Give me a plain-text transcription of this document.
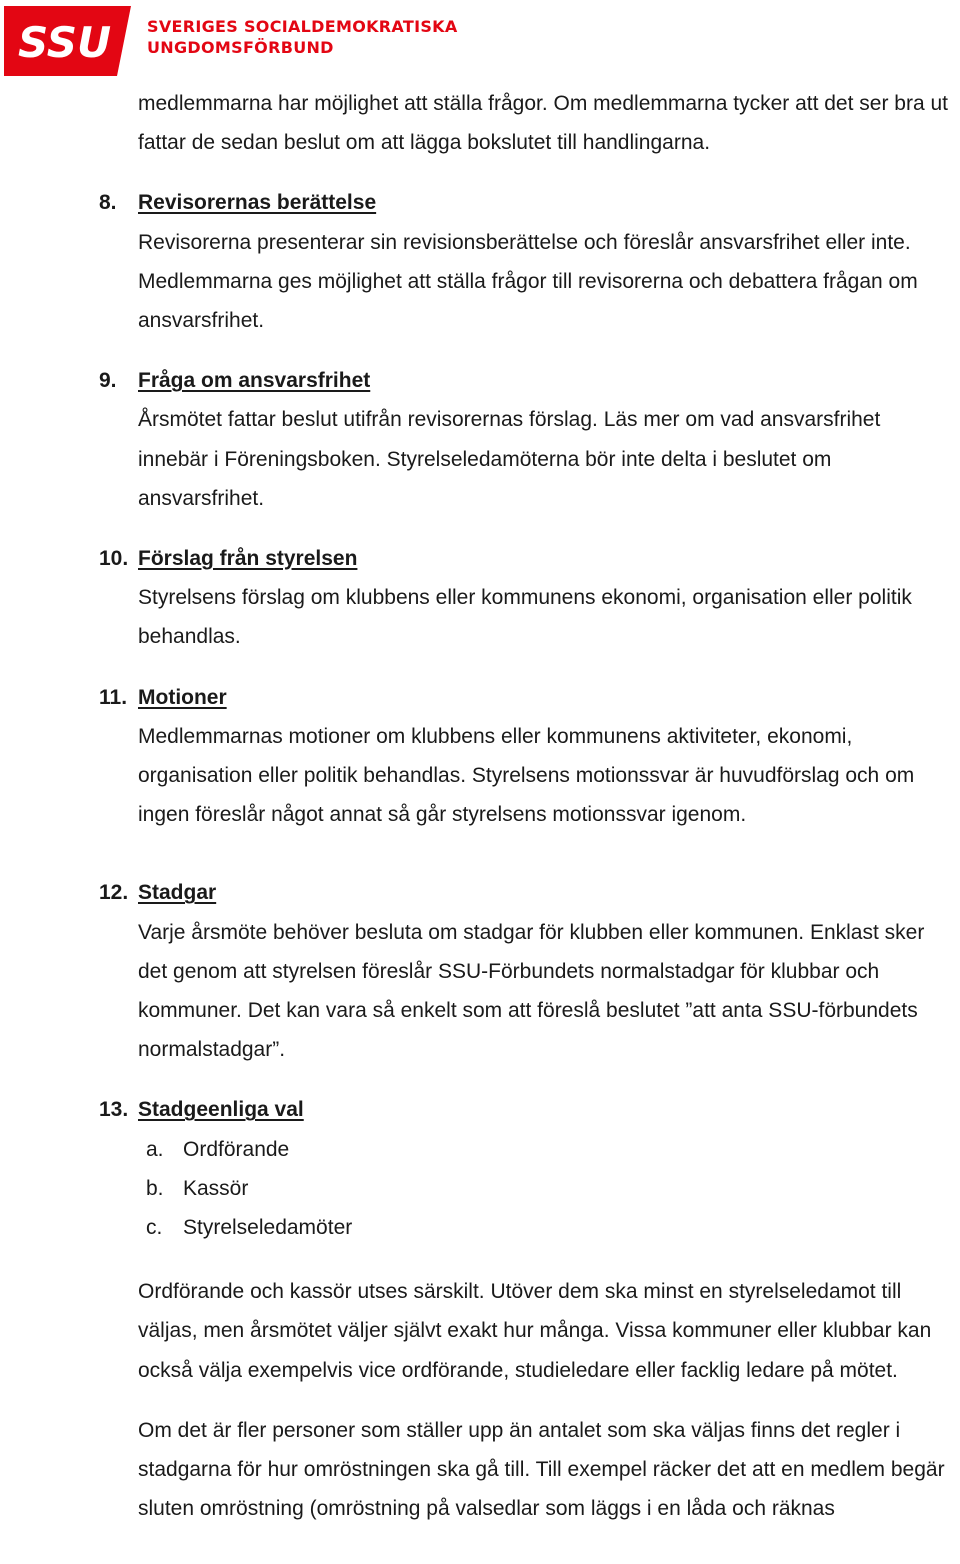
SSU SVERIGES SOCIALDEMOKRATISKA
UNGDOMSFÖRBUND

medlemmarna har möjlighet att ställa frågor. Om medlemmarna tycker att det ser bra ut fattar de sedan beslut om att lägga bokslutet till handlingarna.

8. Revisorernas berättelse

Revisorerna presenterar sin revisionsberättelse och föreslår ansvarsfrihet eller inte. Medlemmarna ges möjlighet att ställa frågor till revisorerna och debattera frågan om ansvarsfrihet.

9. Fråga om ansvarsfrihet

Årsmötet fattar beslut utifrån revisorernas förslag. Läs mer om vad ansvarsfrihet innebär i Föreningsboken. Styrelseledamöterna bör inte delta i beslutet om ansvarsfrihet.

10. Förslag från styrelsen

Styrelsens förslag om klubbens eller kommunens ekonomi, organisation eller politik behandlas.

11. Motioner

Medlemmarnas motioner om klubbens eller kommunens aktiviteter, ekonomi, organisation eller politik behandlas. Styrelsens motionssvar är huvudförslag och om ingen föreslår något annat så går styrelsens motionssvar igenom.

12. Stadgar

Varje årsmöte behöver besluta om stadgar för klubben eller kommunen. Enklast sker det genom att styrelsen föreslår SSU-Förbundets normalstadgar för klubbar och kommuner. Det kan vara så enkelt som att föreslå beslutet ”att anta SSU-förbundets normalstadgar”.

13. Stadgeenliga val
a. Ordförande
b. Kassör
c. Styrelseledamöter

Ordförande och kassör utses särskilt. Utöver dem ska minst en styrelseledamot till väljas, men årsmötet väljer självt exakt hur många. Vissa kommuner eller klubbar kan också välja exempelvis vice ordförande, studieledare eller facklig ledare på mötet.

Om det är fler personer som ställer upp än antalet som ska väljas finns det regler i stadgarna för hur omröstningen ska gå till. Till exempel räcker det att en medlem begär sluten omröstning (omröstning på valsedlar som läggs i en låda och räknas
